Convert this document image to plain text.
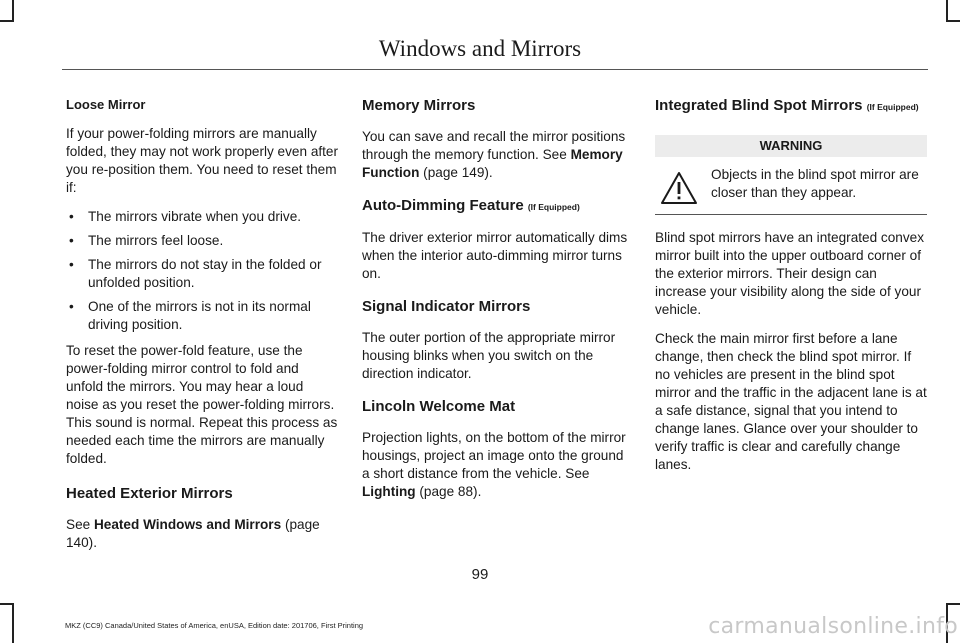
Windows and Mirrors
Loose Mirror

If your power-folding mirrors are manually folded, they may not work properly even after you re-position them. You need to reset them if:

• The mirrors vibrate when you drive.
• The mirrors feel loose.
• The mirrors do not stay in the folded or unfolded position.
• One of the mirrors is not in its normal driving position.

To reset the power-fold feature, use the power-folding mirror control to fold and unfold the mirrors. You may hear a loud noise as you reset the power-folding mirrors. This sound is normal. Repeat this process as needed each time the mirrors are manually folded.

Heated Exterior Mirrors

See Heated Windows and Mirrors (page 140).

Memory Mirrors

You can save and recall the mirror positions through the memory function. See Memory Function (page 149).

Auto-Dimming Feature (If Equipped)

The driver exterior mirror automatically dims when the interior auto-dimming mirror turns on.

Signal Indicator Mirrors

The outer portion of the appropriate mirror housing blinks when you switch on the direction indicator.

Lincoln Welcome Mat

Projection lights, on the bottom of the mirror housings, project an image onto the ground a short distance from the vehicle. See Lighting (page 88).

Integrated Blind Spot Mirrors (If Equipped)
WARNING
Objects in the blind spot mirror are closer than they appear.

Blind spot mirrors have an integrated convex mirror built into the upper outboard corner of the exterior mirrors. Their design can increase your visibility along the side of your vehicle.

Check the main mirror first before a lane change, then check the blind spot mirror. If no vehicles are present in the blind spot mirror and the traffic in the adjacent lane is at a safe distance, signal that you intend to change lanes. Glance over your shoulder to verify traffic is clear and carefully change lanes.

99
MKZ (CC9) Canada/United States of America, enUSA, Edition date: 201706, First Printing	carmanualsonline.info
